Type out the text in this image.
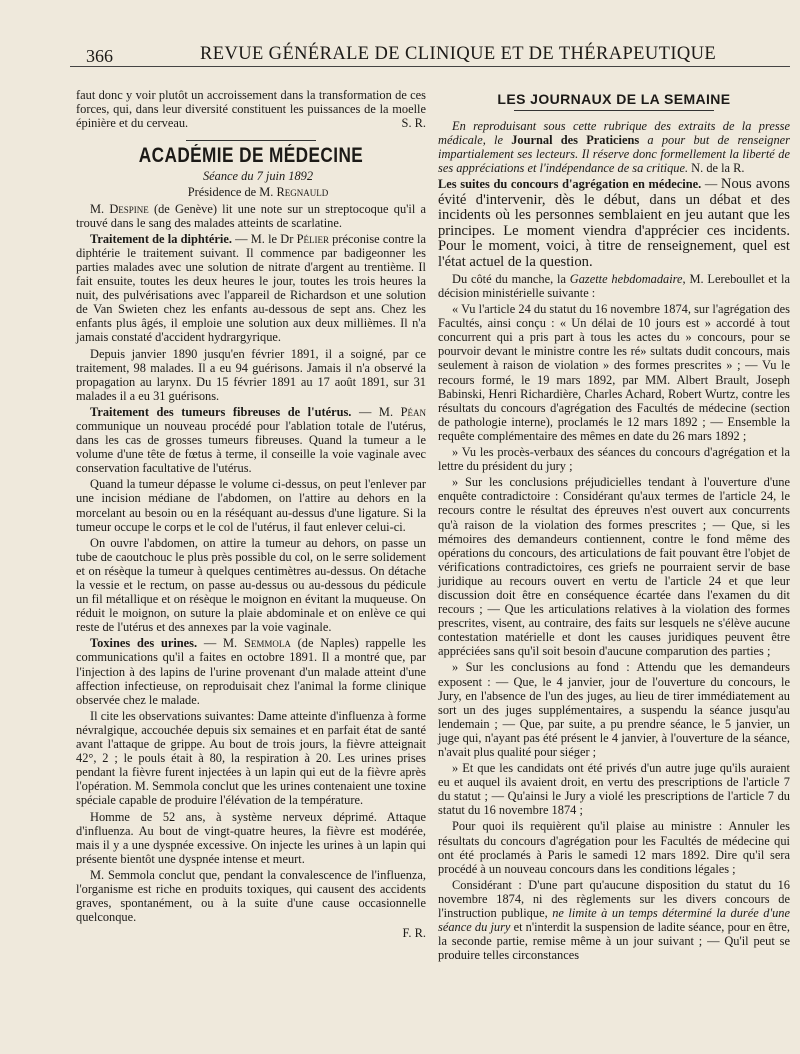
366	REVUE GÉNÉRALE DE CLINIQUE ET DE THÉRAPEUTIQUE

faut donc y voir plutôt un accroissement dans la transformation de ces forces, qui, dans leur diversité constituent les puissances de la moelle épinière et du cerveau.	S. R.

ACADÉMIE DE MÉDECINE

Séance du 7 juin 1892

Présidence de M. Regnauld

M. Despine (de Genève) lit une note sur un streptocoque qu'il a trouvé dans le sang des malades atteints de scarlatine.

Traitement de la diphtérie. — M. le Dr Pélier préconise contre la diphtérie le traitement suivant. Il commence par badigeonner les parties malades avec une solution de nitrate d'argent au trentième. Il fait ensuite, toutes les deux heures le jour, toutes les trois heures la nuit, des pulvérisations avec l'appareil de Richardson et une solution de Van Swieten chez les enfants au-dessous de sept ans. Chez les enfants plus âgés, il emploie une solution aux deux millièmes. Il n'a jamais constaté d'accident hydrargyrique.

Depuis janvier 1890 jusqu'en février 1891, il a soigné, par ce traitement, 98 malades. Il a eu 94 guérisons. Jamais il n'a observé la propagation au larynx. Du 15 février 1891 au 17 août 1891, sur 31 malades il a eu 31 guérisons.

Traitement des tumeurs fibreuses de l'utérus. — M. Péan communique un nouveau procédé pour l'ablation totale de l'utérus, dans les cas de grosses tumeurs fibreuses. Quand la tumeur a le volume d'une tête de fœtus à terme, il conseille la voie vaginale avec conservation facultative de l'utérus.

Quand la tumeur dépasse le volume ci-dessus, on peut l'enlever par une incision médiane de l'abdomen, on l'attire au dehors en la morcelant au besoin ou en la réséquant au-dessus d'une ligature. Si la tumeur occupe le corps et le col de l'utérus, il faut enlever celui-ci.

On ouvre l'abdomen, on attire la tumeur au dehors, on passe un tube de caoutchouc le plus près possible du col, on le serre solidement et on résèque la tumeur à quelques centimètres au-dessus. On détache la vessie et le rectum, on passe au-dessus ou au-dessous du pédicule un fil métallique et on résèque le moignon en évitant la muqueuse. On réduit le moignon, on suture la plaie abdominale et on enlève ce qui reste de l'utérus et des annexes par la voie vaginale.

Toxines des urines. — M. Semmola (de Naples) rappelle les communications qu'il a faites en octobre 1891. Il a montré que, par l'injection à des lapins de l'urine provenant d'un malade atteint d'une affection infectieuse, on reproduisait chez l'animal la forme clinique observée chez le malade.

Il cite les observations suivantes: Dame atteinte d'influenza à forme névralgique, accouchée depuis six semaines et en parfait état de santé avant l'attaque de grippe. Au bout de trois jours, la fièvre atteignait 42°, 2 ; le pouls était à 80, la respiration à 20. Les urines prises pendant la fièvre furent injectées à un lapin qui eut de la fièvre après l'opération. M. Semmola conclut que les urines contenaient une toxine spéciale capable de produire l'élévation de la température.

Homme de 52 ans, à système nerveux déprimé. Attaque d'influenza. Au bout de vingt-quatre heures, la fièvre est modérée, mais il y a une dyspnée excessive. On injecte les urines à un lapin qui présente bientôt une dyspnée intense et meurt.

M. Semmola conclut que, pendant la convalescence de l'influenza, l'organisme est riche en produits toxiques, qui causent des accidents graves, spontanément, ou à la suite d'une cause occasionnelle quelconque.

F. R.

LES JOURNAUX DE LA SEMAINE

En reproduisant sous cette rubrique des extraits de la presse médicale, le Journal des Praticiens a pour but de renseigner impartialement ses lecteurs. Il réserve donc formellement la liberté de ses appréciations et l'indépendance de sa critique. N. de la R.

Les suites du concours d'agrégation en médecine. — Nous avons évité d'intervenir, dès le début, dans un débat et des incidents où les personnes semblaient en jeu autant que les principes. Le moment viendra d'apprécier ces incidents. Pour le moment, voici, à titre de renseignement, quel est l'état actuel de la question.

Du côté du manche, la Gazette hebdomadaire, M. Lereboullet et la décision ministérielle suivante :

« Vu l'article 24 du statut du 16 novembre 1874, sur l'agrégation des Facultés, ainsi conçu : « Un délai de 10 jours est » accordé à tout concurrent qui a pris part à tous les actes du » concours, pour se pourvoir devant le ministre contre les ré» sultats dudit concours, mais seulement à raison de violation » des formes prescrites » ; — Vu le recours formé, le 19 mars 1892, par MM. Albert Brault, Joseph Babinski, Henri Richardière, Charles Achard, Robert Wurtz, contre les résultats du concours d'agrégation des Facultés de médecine (section de pathologie interne), proclamés le 12 mars 1892 ; — Ensemble la requête complémentaire des mêmes en date du 26 mars 1892 ;

» Vu les procès-verbaux des séances du concours d'agrégation et la lettre du président du jury ;

» Sur les conclusions préjudicielles tendant à l'ouverture d'une enquête contradictoire : Considérant qu'aux termes de l'article 24, le recours contre le résultat des épreuves n'est ouvert aux concurrents qu'à raison de la violation des formes prescrites ; — Que, si les mémoires des demandeurs contiennent, contre le fond même des opérations du concours, des articulations de fait pouvant être l'objet de vérifications contradictoires, ces griefs ne pourraient servir de base juridique au recours ouvert en vertu de l'article 24 et que leur discussion doit être en conséquence écartée dans l'examen du dit recours ; — Que les articulations relatives à la violation des formes prescrites, visent, au contraire, des faits sur lesquels ne s'élève aucune contestation matérielle et dont les causes juridiques peuvent être appréciées sans qu'il soit besoin d'aucune comparution des parties ;

» Sur les conclusions au fond : Attendu que les demandeurs exposent : — Que, le 4 janvier, jour de l'ouverture du concours, le Jury, en l'absence de l'un des juges, au lieu de tirer immédiatement au sort un des juges supplémentaires, a suspendu la séance jusqu'au lendemain ; — Que, par suite, a pu prendre séance, le 5 janvier, un juge qui, n'ayant pas été présent le 4 janvier, à l'ouverture de la séance, n'avait plus qualité pour siéger ;

» Et que les candidats ont été privés d'un autre juge qu'ils auraient eu et auquel ils avaient droit, en vertu des prescriptions de l'article 7 du statut ; — Qu'ainsi le Jury a violé les prescriptions de l'article 7 du statut du 16 novembre 1874 ;

Pour quoi ils requièrent qu'il plaise au ministre : Annuler les résultats du concours d'agrégation pour les Facultés de médecine qui ont été proclamés à Paris le samedi 12 mars 1892. Dire qu'il sera procédé à un nouveau concours dans les conditions légales ;

Considérant : D'une part qu'aucune disposition du statut du 16 novembre 1874, ni des règlements sur les divers concours de l'instruction publique, ne limite à un temps déterminé la durée d'une séance du jury et n'interdit la suspension de ladite séance, pour en être, la seconde partie, remise même à un jour suivant ; — Qu'il peut se produire telles circonstances
